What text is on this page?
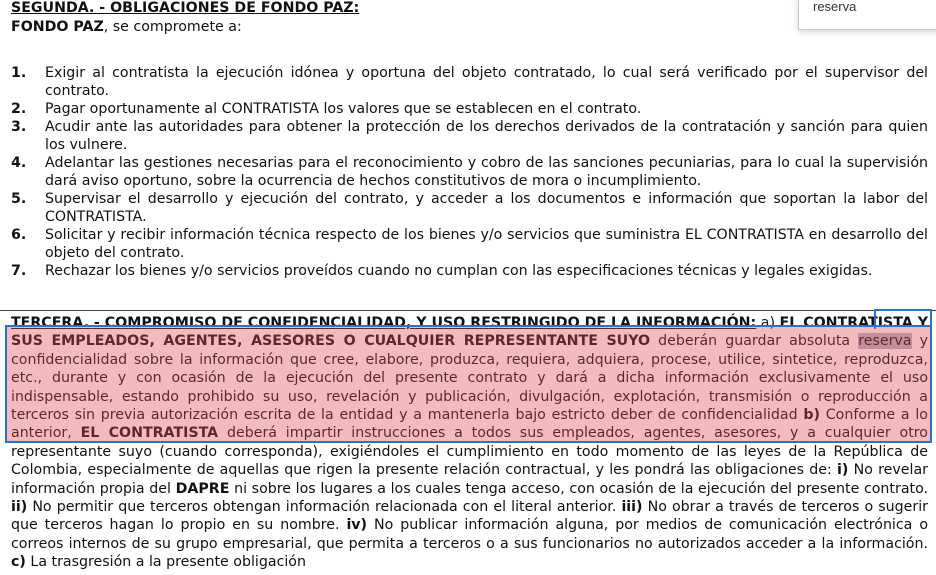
SEGUNDA. - OBLIGACIONES DE FONDO PAZ:
FONDO PAZ, se compromete a:
1. Exigir al contratista la ejecución idónea y oportuna del objeto contratado, lo cual será verificado por el supervisor del contrato.
2. Pagar oportunamente al CONTRATISTA los valores que se establecen en el contrato.
3. Acudir ante las autoridades para obtener la protección de los derechos derivados de la contratación y sanción para quien los vulnere.
4. Adelantar las gestiones necesarias para el reconocimiento y cobro de las sanciones pecuniarias, para lo cual la supervisión dará aviso oportuno, sobre la ocurrencia de hechos constitutivos de mora o incumplimiento.
5. Supervisar el desarrollo y ejecución del contrato, y acceder a los documentos e información que soportan la labor del CONTRATISTA.
6. Solicitar y recibir información técnica respecto de los bienes y/o servicios que suministra EL CONTRATISTA en desarrollo del objeto del contrato.
7. Rechazar los bienes y/o servicios proveídos cuando no cumplan con las especificaciones técnicas y legales exigidas.
TERCERA. - COMPROMISO DE CONFIDENCIALIDAD, Y USO RESTRINGIDO DE LA INFORMACIÓN: a) EL CONTRATISTA Y SUS EMPLEADOS, AGENTES, ASESORES O CUALQUIER REPRESENTANTE SUYO deberán guardar absoluta reserva y confidencialidad sobre la información que cree, elabore, produzca, requiera, adquiera, procese, utilice, sintetice, reproduzca, etc., durante y con ocasión de la ejecución del presente contrato y dará a dicha información exclusivamente el uso indispensable, estando prohibido su uso, revelación y publicación, divulgación, explotación, transmisión o reproducción a terceros sin previa autorización escrita de la entidad y a mantenerla bajo estricto deber de confidencialidad b) Conforme a lo anterior, EL CONTRATISTA deberá impartir instrucciones a todos sus empleados, agentes, asesores, y a cualquier otro representante suyo (cuando corresponda), exigiéndoles el cumplimiento en todo momento de las leyes de la República de Colombia, especialmente de aquellas que rigen la presente relación contractual, y les pondrá las obligaciones de: i) No revelar información propia del DAPRE ni sobre los lugares a los cuales tenga acceso, con ocasión de la ejecución del presente contrato. ii) No permitir que terceros obtengan información relacionada con el literal anterior. iii) No obrar a través de terceros o sugerir que terceros hagan lo propio en su nombre. iv) No publicar información alguna, por medios de comunicación electrónica o correos internos de su grupo empresarial, que permita a terceros o a sus funcionarios no autorizados acceder a la información. c) La trasgresión a la presente obligación
reserva
